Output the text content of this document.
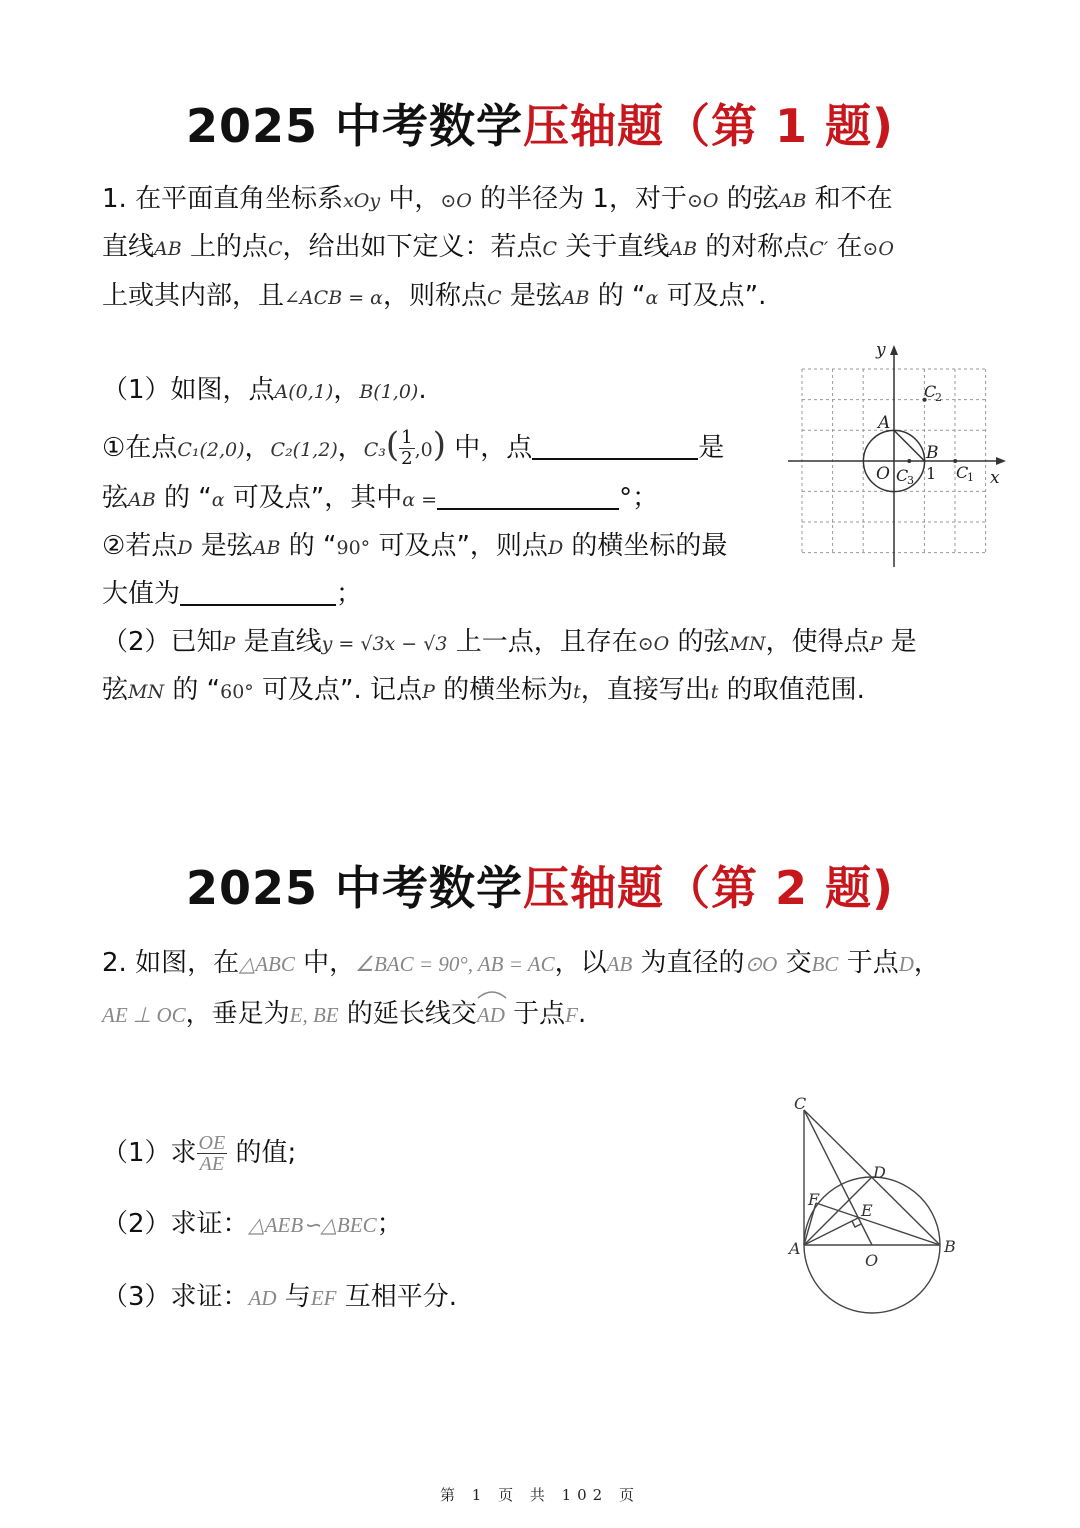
2025 中考数学压轴题（第 1 题)
1. 在平面直角坐标系xOy 中，⊙O 的半径为 1，对于⊙O 的弦AB 和不在
直线AB 上的点C，给出如下定义：若点C 关于直线AB 的对称点C′ 在⊙O
上或其内部，且∠ACB = α，则称点C 是弦AB 的 “α 可及点”.
（1）如图，点A(0,1)，B(1,0).
①在点C₁(2,0)，C₂(1,2)，$C_3( \frac{1}{2} ,0)$ 中，点	是
弦AB 的 “α 可及点”，其中α =	°；
②若点D 是弦AB 的 “90° 可及点”，则点D 的横坐标的最
大值为	；
（2）已知P 是直线y = √3x − √3 上一点，且存在⊙O 的弦MN，使得点P 是
弦MN 的 “60° 可及点”. 记点P 的横坐标为t，直接写出t 的取值范围.
y
x
A
B
O 1
C
2
C
3	C
1
2025 中考数学压轴题（第 2 题)
2. 如图，在△ABC 中，∠BAC = 90°, AB = AC，以AB 为直径的⊙O 交BC 于点D，
AE ⊥ OC，垂足为E, BE 的延长线交AD
于点F.
（1）求 $\frac{OE}{AE}$ 的值;
（2）求证：△AEB∽△BEC；
（3）求证：AD 与EF 互相平分.
C
D
F
E
A
O
B
第 1 页 共 102 页
